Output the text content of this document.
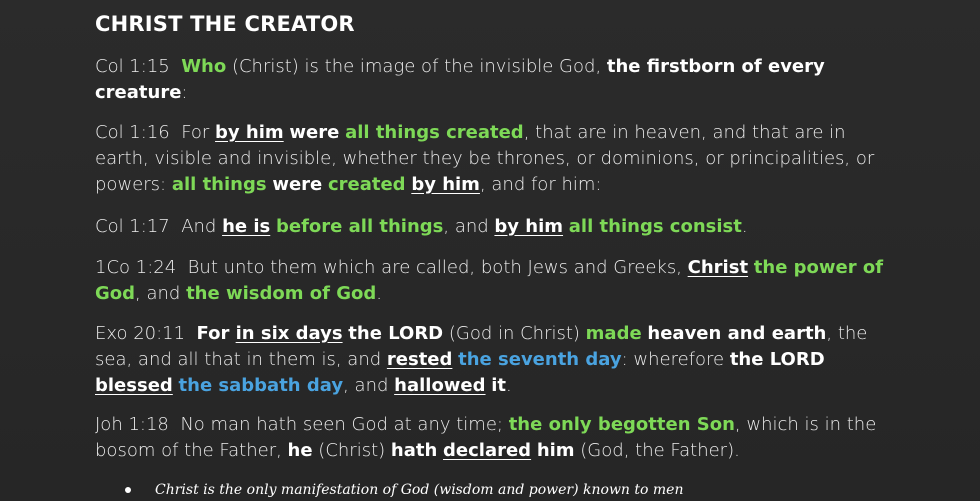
CHRIST THE CREATOR

Col 1:15 Who (Christ) is the image of the invisible God, the firstborn of every creature:

Col 1:16 For by him were all things created, that are in heaven, and that are in earth, visible and invisible, whether they be thrones, or dominions, or principalities, or powers: all things were created by him, and for him:

Col 1:17 And he is before all things, and by him all things consist.

1Co 1:24 But unto them which are called, both Jews and Greeks, Christ the power of God, and the wisdom of God.

Exo 20:11 For in six days the LORD (God in Christ) made heaven and earth, the sea, and all that in them is, and rested the seventh day: wherefore the LORD blessed the sabbath day, and hallowed it.

Joh 1:18 No man hath seen God at any time; the only begotten Son, which is in the bosom of the Father, he (Christ) hath declared him (God, the Father).

Christ is the only manifestation of God (wisdom and power) known to men
